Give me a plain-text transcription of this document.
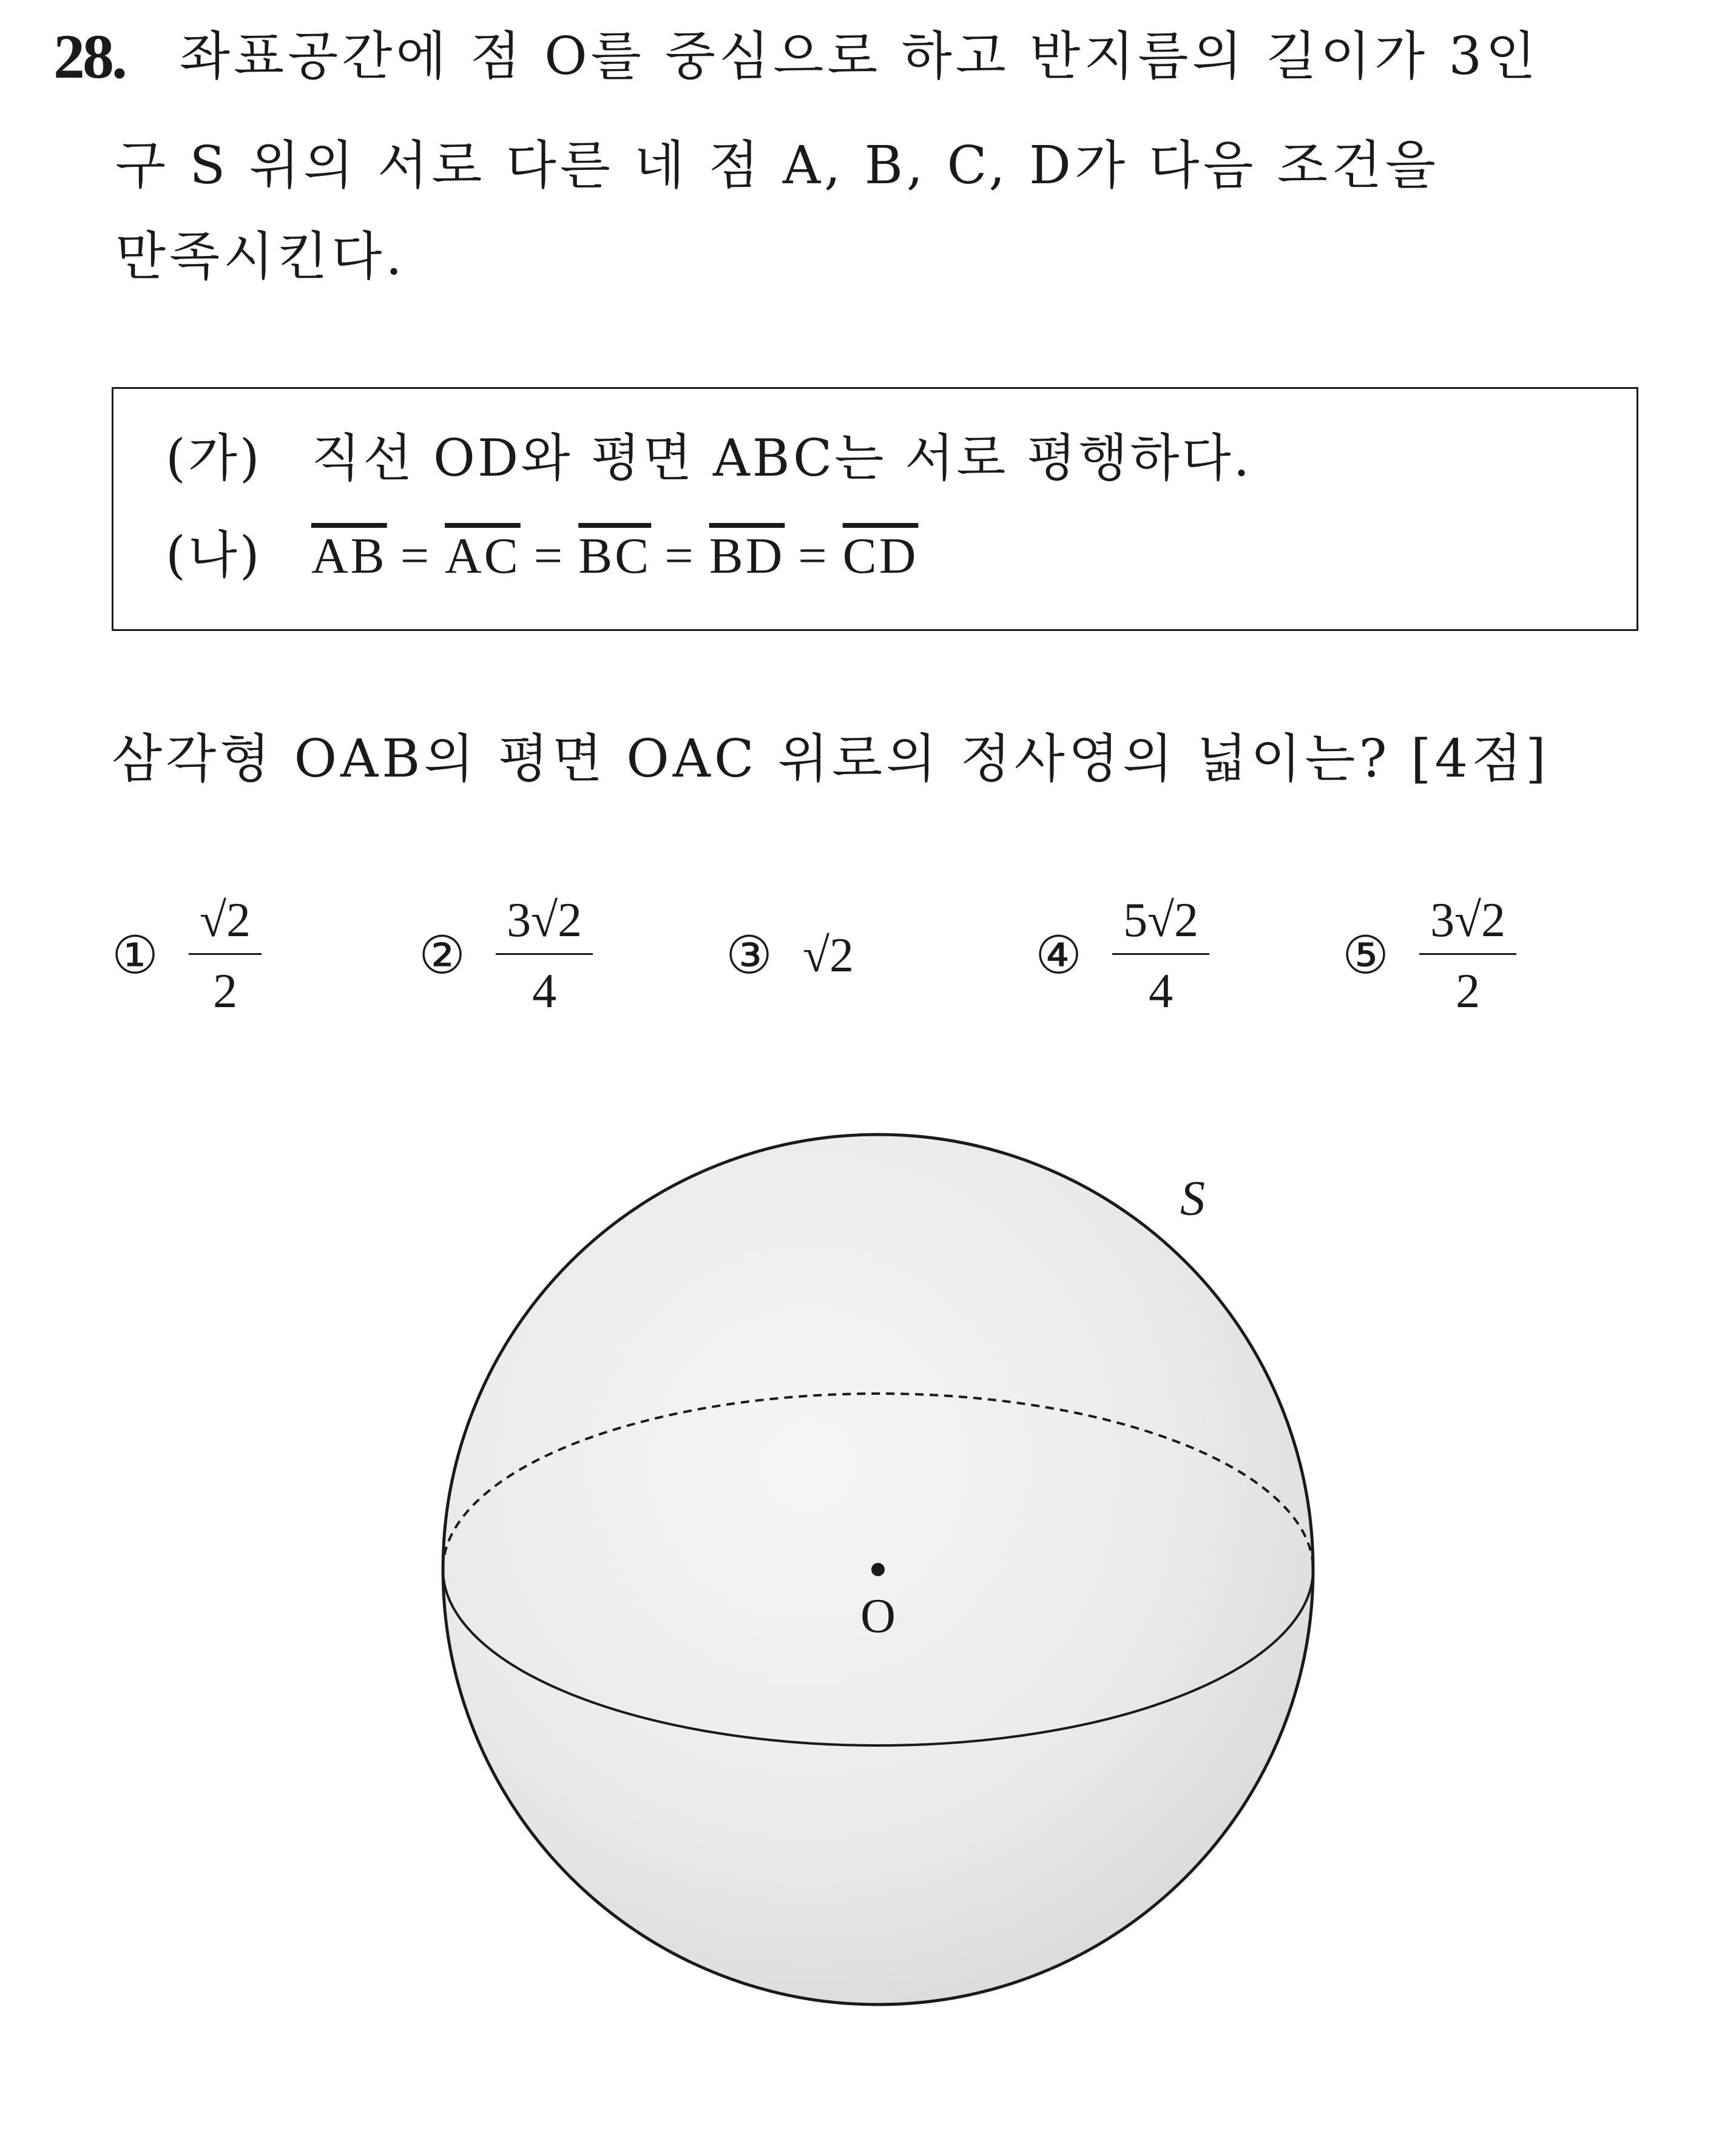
28. 좌표공간에 점 O를 중심으로 하고 반지름의 길이가 3인
구 S 위의 서로 다른 네 점 A, B, C, D가 다음 조건을
만족시킨다.
(가) 직선 OD와 평면 ABC는 서로 평행하다.
(나) $\overline{AB} = \overline{AC} = \overline{BC} = \overline{BD} = \overline{CD}$
삼각형 OAB의 평면 OAC 위로의 정사영의 넓이는? [4점]
① $\frac{√2}{2}$	② $\frac{3√2}{4}$	③ √2	④ $\frac{5√2}{4}$	⑤ $\frac{3√2}{2}$
O
S
